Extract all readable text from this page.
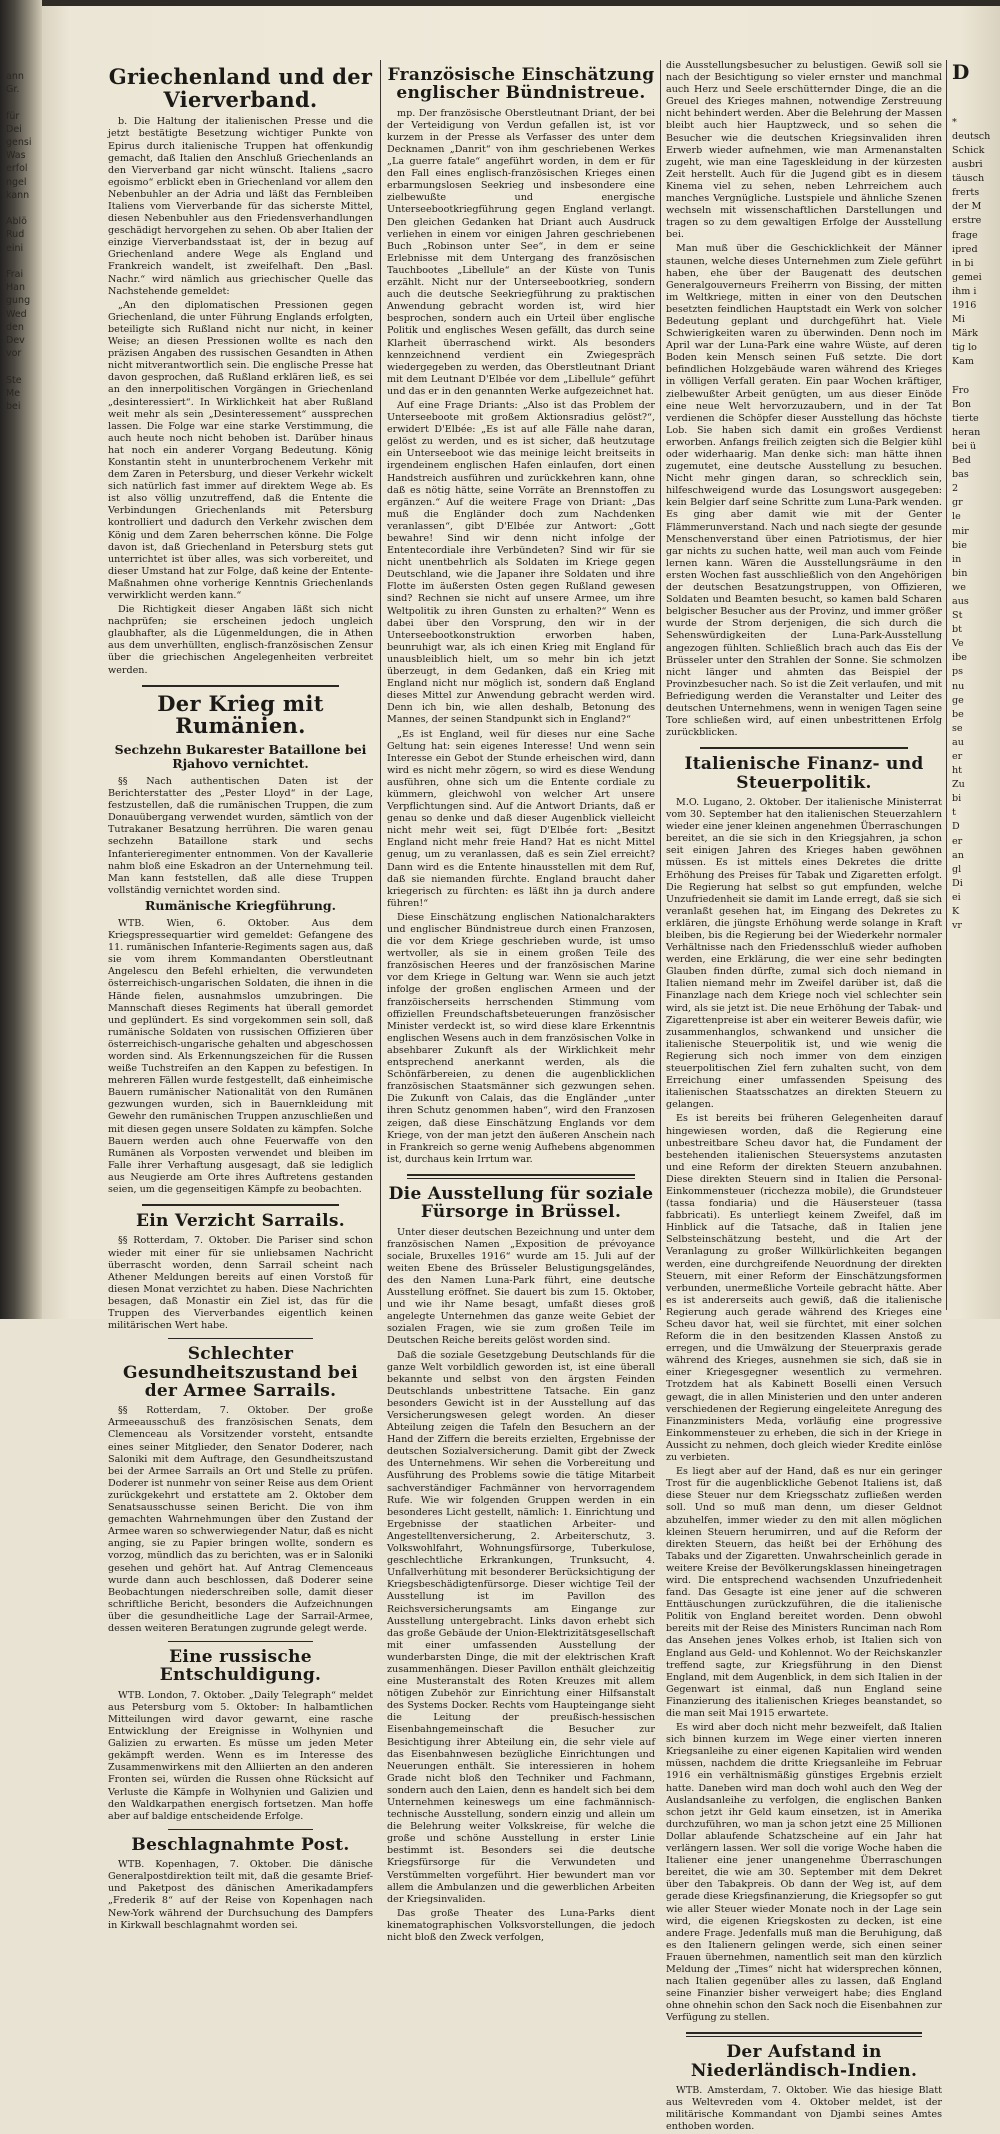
ann
Gr.

für
Dei
gensi
Was
erfol
ngel
kann

Ablö
Rud
eini

Frai
Han
gung
Wed
den
Dev
vor

Ste
Me
bei
Griechenland und der Vierverband.

b. Die Haltung der italienischen Presse und die jetzt bestätigte Besetzung wichtiger Punkte von Epirus durch italienische Truppen hat offenkundig gemacht, daß Italien den Anschluß Griechenlands an den Vierverband gar nicht wünscht. Italiens „sacro egoismo“ erblickt eben in Griechenland vor allem den Nebenbuhler an der Adria und läßt das Fernbleiben Italiens vom Vierverbande für das sicherste Mittel, diesen Nebenbuhler aus den Friedensverhandlungen geschädigt hervorgehen zu sehen. Ob aber Italien der einzige Vierverbandsstaat ist, der in bezug auf Griechenland andere Wege als England und Frankreich wandelt, ist zweifelhaft. Den „Basl. Nachr.“ wird nämlich aus griechischer Quelle das Nachstehende gemeldet:

„An den diplomatischen Pressionen gegen Griechenland, die unter Führung Englands erfolgten, beteiligte sich Rußland nicht nur nicht, in keiner Weise; an diesen Pressionen wollte es nach den präzisen Angaben des russischen Gesandten in Athen nicht mitverantwortlich sein. Die englische Presse hat davon gesprochen, daß Rußland erklären ließ, es sei an den innerpolitischen Vorgängen in Griechenland „desinteressiert“. In Wirklichkeit hat aber Rußland weit mehr als sein „Desinteressement“ aussprechen lassen. Die Folge war eine starke Verstimmung, die auch heute noch nicht behoben ist. Darüber hinaus hat noch ein anderer Vorgang Bedeutung. König Konstantin steht in ununterbrochenem Verkehr mit dem Zaren in Petersburg, und dieser Verkehr wickelt sich natürlich fast immer auf direktem Wege ab. Es ist also völlig unzutreffend, daß die Entente die Verbindungen Griechenlands mit Petersburg kontrolliert und dadurch den Verkehr zwischen dem König und dem Zaren beherrschen könne. Die Folge davon ist, daß Griechenland in Petersburg stets gut unterrichtet ist über alles, was sich vorbereitet, und dieser Umstand hat zur Folge, daß keine der Entente-Maßnahmen ohne vorherige Kenntnis Griechenlands verwirklicht werden kann.“

Die Richtigkeit dieser Angaben läßt sich nicht nachprüfen; sie erscheinen jedoch ungleich glaubhafter, als die Lügenmeldungen, die in Athen aus dem unverhüllten, englisch-französischen Zensur über die griechischen Angelegenheiten verbreitet werden.

Der Krieg mit Rumänien.
Sechzehn Bukarester Bataillone bei Rjahovo vernichtet.

§§ Nach authentischen Daten ist der Berichterstatter des „Pester Lloyd“ in der Lage, festzustellen, daß die rumänischen Truppen, die zum Donauübergang verwendet wurden, sämtlich von der Tutrakaner Besatzung herrühren. Die waren genau sechzehn Bataillone stark und sechs Infanterieregimenter entnommen. Von der Kavallerie nahm bloß eine Eskadron an der Unternehmung teil. Man kann feststellen, daß alle diese Truppen vollständig vernichtet worden sind.

Rumänische Kriegführung.

WTB. Wien, 6. Oktober. Aus dem Kriegspressequartier wird gemeldet: Gefangene des 11. rumänischen Infanterie-Regiments sagen aus, daß sie vom ihrem Kommandanten Oberstleutnant Angelescu den Befehl erhielten, die verwundeten österreichisch-ungarischen Soldaten, die ihnen in die Hände fielen, ausnahmslos umzubringen. Die Mannschaft dieses Regiments hat überall gemordet und geplündert. Es sind vorgekommen sein soll, daß rumänische Soldaten von russischen Offizieren über österreichisch-ungarische gehalten und abgeschossen worden sind. Als Erkennungszeichen für die Russen weiße Tuchstreifen an den Kappen zu befestigen. In mehreren Fällen wurde festgestellt, daß einheimische Bauern rumänischer Nationalität von den Rumänen gezwungen wurden, sich in Bauernkleidung mit Gewehr den rumänischen Truppen anzuschließen und mit diesen gegen unsere Soldaten zu kämpfen. Solche Bauern werden auch ohne Feuerwaffe von den Rumänen als Vorposten verwendet und bleiben im Falle ihrer Verhaftung ausgesagt, daß sie lediglich aus Neugierde am Orte ihres Auftretens gestanden seien, um die gegenseitigen Kämpfe zu beobachten.

Ein Verzicht Sarrails.

§§ Rotterdam, 7. Oktober. Die Pariser sind schon wieder mit einer für sie unliebsamen Nachricht überrascht worden, denn Sarrail scheint nach Athener Meldungen bereits auf einen Vorstoß für diesen Monat verzichtet zu haben. Diese Nachrichten besagen, daß Monastir ein Ziel ist, das für die Truppen des Vierverbandes eigentlich keinen militärischen Wert habe.

Schlechter Gesundheitszustand bei der Armee Sarrails.

§§ Rotterdam, 7. Oktober. Der große Armeeausschuß des französischen Senats, dem Clemenceau als Vorsitzender vorsteht, entsandte eines seiner Mitglieder, den Senator Doderer, nach Saloniki mit dem Auftrage, den Gesundheitszustand bei der Armee Sarrails an Ort und Stelle zu prüfen. Doderer ist nunmehr von seiner Reise aus dem Orient zurückgekehrt und erstattete am 2. Oktober dem Senatsausschusse seinen Bericht. Die von ihm gemachten Wahrnehmungen über den Zustand der Armee waren so schwerwiegender Natur, daß es nicht anging, sie zu Papier bringen wollte, sondern es vorzog, mündlich das zu berichten, was er in Saloniki gesehen und gehört hat. Auf Antrag Clemenceaus wurde dann auch beschlossen, daß Doderer seine Beobachtungen niederschreiben solle, damit dieser schriftliche Bericht, besonders die Aufzeichnungen über die gesundheitliche Lage der Sarrail-Armee, dessen weiteren Beratungen zugrunde gelegt werde.

Eine russische Entschuldigung.

WTB. London, 7. Oktober. „Daily Telegraph“ meldet aus Petersburg vom 5. Oktober: In halbamtlichen Mitteilungen wird davor gewarnt, eine rasche Entwicklung der Ereignisse in Wolhynien und Galizien zu erwarten. Es müsse um jeden Meter gekämpft werden. Wenn es im Interesse des Zusammenwirkens mit den Alliierten an den anderen Fronten sei, würden die Russen ohne Rücksicht auf Verluste die Kämpfe in Wolhynien und Galizien und den Waldkarpathen energisch fortsetzen. Man hoffe aber auf baldige entscheidende Erfolge.

Beschlagnahmte Post.

WTB. Kopenhagen, 7. Oktober. Die dänische Generalpostdirektion teilt mit, daß die gesamte Brief- und Paketpost des dänischen Amerikadampfers „Frederik 8“ auf der Reise von Kopenhagen nach New-York während der Durchsuchung des Dampfers in Kirkwall beschlagnahmt worden sei.

Französische Einschätzung englischer Bündnistreue.

mp. Der französische Oberstleutnant Driant, der bei der Verteidigung von Verdun gefallen ist, ist vor kurzem in der Presse als Verfasser des unter dem Decknamen „Danrit“ von ihm geschriebenen Werkes „La guerre fatale“ angeführt worden, in dem er für den Fall eines englisch-französischen Krieges einen erbarmungslosen Seekrieg und insbesondere eine zielbewußte und energische Unterseebootkriegführung gegen England verlangt. Den gleichen Gedanken hat Driant auch Ausdruck verliehen in einem vor einigen Jahren geschriebenen Buch „Robinson unter See“, in dem er seine Erlebnisse mit dem Untergang des französischen Tauchbootes „Libellule“ an der Küste von Tunis erzählt. Nicht nur der Unterseebootkrieg, sondern auch die deutsche Seekriegführung zu praktischen Anwendung gebracht worden ist, wird hier besprochen, sondern auch ein Urteil über englische Politik und englisches Wesen gefällt, das durch seine Klarheit überraschend wirkt. Als besonders kennzeichnend verdient ein Zwiegespräch wiedergegeben zu werden, das Oberstleutnant Driant mit dem Leutnant D'Elbée vor dem „Libellule“ geführt und das er in den genannten Werke aufgezeichnet hat.

Auf eine Frage Driants: „Also ist das Problem der Unterseeboote mit großem Aktionsradius gelöst?“, erwidert D'Elbée: „Es ist auf alle Fälle nahe daran, gelöst zu werden, und es ist sicher, daß heutzutage ein Unterseeboot wie das meinige leicht breitseits in irgendeinem englischen Hafen einlaufen, dort einen Handstreich ausführen und zurückkehren kann, ohne daß es nötig hätte, seine Vorräte an Brennstoffen zu ergänzen.“ Auf die weitere Frage von Driant: „Das muß die Engländer doch zum Nachdenken veranlassen“, gibt D'Elbée zur Antwort: „Gott bewahre! Sind wir denn nicht infolge der Ententecordiale ihre Verbündeten? Sind wir für sie nicht unentbehrlich als Soldaten im Kriege gegen Deutschland, wie die Japaner ihre Soldaten und ihre Flotte im äußersten Osten gegen Rußland gewesen sind? Rechnen sie nicht auf unsere Armee, um ihre Weltpolitik zu ihren Gunsten zu erhalten?“ Wenn es dabei über den Vorsprung, den wir in der Unterseebootkonstruktion erworben haben, beunruhigt war, als ich einen Krieg mit England für unausbleiblich hielt, um so mehr bin ich jetzt überzeugt, in dem Gedanken, daß ein Krieg mit England nicht nur möglich ist, sondern daß England dieses Mittel zur Anwendung gebracht werden wird. Denn ich bin, wie allen deshalb, Betonung des Mannes, der seinen Standpunkt sich in England?“

„Es ist England, weil für dieses nur eine Sache Geltung hat: sein eigenes Interesse! Und wenn sein Interesse ein Gebot der Stunde erheischen wird, dann wird es nicht mehr zögern, so wird es diese Wendung ausführen, ohne sich um die Entente cordiale zu kümmern, gleichwohl von welcher Art unsere Verpflichtungen sind. Auf die Antwort Driants, daß er genau so denke und daß dieser Augenblick vielleicht nicht mehr weit sei, fügt D'Elbée fort: „Besitzt England nicht mehr freie Hand? Hat es nicht Mittel genug, um zu veranlassen, daß es sein Ziel erreicht? Dann wird es die Entente hinausstellen mit dem Ruf, daß sie niemanden fürchte. England braucht daher kriegerisch zu fürchten: es läßt ihn ja durch andere führen!“

Diese Einschätzung englischen Nationalcharakters und englischer Bündnistreue durch einen Franzosen, die vor dem Kriege geschrieben wurde, ist umso wertvoller, als sie in einem großen Teile des französischen Heeres und der französischen Marine vor dem Kriege in Geltung war. Wenn sie auch jetzt infolge der großen englischen Armeen und der franzöischerseits herrschenden Stimmung vom offiziellen Freundschaftsbeteuerungen französischer Minister verdeckt ist, so wird diese klare Erkenntnis englischen Wesens auch in dem französischen Volke in absehbarer Zukunft als der Wirklichkeit mehr entsprechend anerkannt werden, als die Schönfärbereien, zu denen die augenblicklichen französischen Staatsmänner sich gezwungen sehen. Die Zukunft von Calais, das die Engländer „unter ihren Schutz genommen haben“, wird den Franzosen zeigen, daß diese Einschätzung Englands vor dem Kriege, von der man jetzt den äußeren Anschein nach in Frankreich so gerne wenig Aufhebens abgenommen ist, durchaus kein Irrtum war.

Die Ausstellung für soziale Fürsorge in Brüssel.

Unter dieser deutschen Bezeichnung und unter dem französischen Namen „Exposition de prévoyance sociale, Bruxelles 1916“ wurde am 15. Juli auf der weiten Ebene des Brüsseler Belustigungsgeländes, des den Namen Luna-Park führt, eine deutsche Ausstellung eröffnet. Sie dauert bis zum 15. Oktober, und wie ihr Name besagt, umfaßt dieses groß angelegte Unternehmen das ganze weite Gebiet der sozialen Fragen, wie sie zum großen Teile im Deutschen Reiche bereits gelöst worden sind.

Daß die soziale Gesetzgebung Deutschlands für die ganze Welt vorbildlich geworden ist, ist eine überall bekannte und selbst von den ärgsten Feinden Deutschlands unbestrittene Tatsache. Ein ganz besonders Gewicht ist in der Ausstellung auf das Versicherungswesen gelegt worden. An dieser Abteilung zeigen die Tafeln den Besuchern an der Hand der Ziffern die bereits erzielten, Ergebnisse der deutschen Sozialversicherung. Damit gibt der Zweck des Unternehmens. Wir sehen die Vorbereitung und Ausführung des Problems sowie die tätige Mitarbeit sachverständiger Fachmänner von hervorragendem Rufe. Wie wir folgenden Gruppen werden in ein besonderes Licht gestellt, nämlich: 1. Einrichtung und Ergebnisse der staatlichen Arbeiter- und Angestelltenversicherung, 2. Arbeiterschutz, 3. Volkswohlfahrt, Wohnungsfürsorge, Tuberkulose, geschlechtliche Erkrankungen, Trunksucht, 4. Unfallverhütung mit besonderer Berücksichtigung der Kriegsbeschädigtenfürsorge. Dieser wichtige Teil der Ausstellung ist im Pavillon des Reichsversicherungsamts am Eingange zur Ausstellung untergebracht. Links davon erhebt sich das große Gebäude der Union-Elektrizitätsgesellschaft mit einer umfassenden Ausstellung der wunderbarsten Dinge, die mit der elektrischen Kraft zusammenhängen. Dieser Pavillon enthält gleichzeitig eine Musteranstalt des Roten Kreuzes mit allem nötigen Zubehör zur Einrichtung einer Hilfsanstalt des Systems Docker. Rechts vom Haupteingange sieht die Leitung der preußisch-hessischen Eisenbahngemeinschaft die Besucher zur Besichtigung ihrer Abteilung ein, die sehr viele auf das Eisenbahnwesen bezügliche Einrichtungen und Neuerungen enthält. Sie interessieren in hohem Grade nicht bloß den Techniker und Fachmann, sondern auch den Laien, denn es handelt sich bei dem Unternehmen keineswegs um eine fachmännisch-technische Ausstellung, sondern einzig und allein um die Belehrung weiter Volkskreise, für welche die große und schöne Ausstellung in erster Linie bestimmt ist. Besonders sei die deutsche Kriegsfürsorge für die Verwundeten und Verstümmelten vorgeführt. Hier bewundert man vor allem die Ambulanzen und die gewerblichen Arbeiten der Kriegsinvaliden.

Das große Theater des Luna-Parks dient kinematographischen Volksvorstellungen, die jedoch nicht bloß den Zweck verfolgen,

die Ausstellungsbesucher zu belustigen. Gewiß soll sie nach der Besichtigung so vieler ernster und manchmal auch Herz und Seele erschütternder Dinge, die an die Greuel des Krieges mahnen, notwendige Zerstreuung nicht behindert werden. Aber die Belehrung der Massen bleibt auch hier Hauptzweck, und so sehen die Besucher wie die deutschen Kriegsinvaliden ihren Erwerb wieder aufnehmen, wie man Armenanstalten zugeht, wie man eine Tageskleidung in der kürzesten Zeit herstellt. Auch für die Jugend gibt es in diesem Kinema viel zu sehen, neben Lehrreichem auch manches Vergnügliche. Lustspiele und ähnliche Szenen wechseln mit wissenschaftlichen Darstellungen und tragen so zu dem gewaltigen Erfolge der Ausstellung bei.

Man muß über die Geschicklichkeit der Männer staunen, welche dieses Unternehmen zum Ziele geführt haben, ehe über der Baugenatt des deutschen Generalgouverneurs Freiherrn von Bissing, der mitten im Weltkriege, mitten in einer von den Deutschen besetzten feindlichen Hauptstadt ein Werk von solcher Bedeutung geplant und durchgeführt hat. Viele Schwierigkeiten waren zu überwinden. Denn noch im April war der Luna-Park eine wahre Wüste, auf deren Boden kein Mensch seinen Fuß setzte. Die dort befindlichen Holzgebäude waren während des Krieges in völligen Verfall geraten. Ein paar Wochen kräftiger, zielbewußter Arbeit genügten, um aus dieser Einöde eine neue Welt hervorzuzaubern, und in der Tat verdienen die Schöpfer dieser Ausstellung das höchste Lob. Sie haben sich damit ein großes Verdienst erworben. Anfangs freilich zeigten sich die Belgier kühl oder widerhaarig. Man denke sich: man hätte ihnen zugemutet, eine deutsche Ausstellung zu besuchen. Nicht mehr gingen daran, so schrecklich sein, hilfeschweigend wurde das Losungswort ausgegeben: kein Belgier darf seine Schritte zum Luna-Park wenden. Es ging aber damit wie mit der Genter Flämmerunverstand. Nach und nach siegte der gesunde Menschenverstand über einen Patriotismus, der hier gar nichts zu suchen hatte, weil man auch vom Feinde lernen kann. Wären die Ausstellungsräume in den ersten Wochen fast ausschließlich von den Angehörigen der deutschen Besatzungstruppen, von Offizieren, Soldaten und Beamten besucht, so kamen bald Scharen belgischer Besucher aus der Provinz, und immer größer wurde der Strom derjenigen, die sich durch die Sehenswürdigkeiten der Luna-Park-Ausstellung angezogen fühlten. Schließlich brach auch das Eis der Brüsseler unter den Strahlen der Sonne. Sie schmolzen nicht länger und ahmten das Beispiel der Provinzbesucher nach. So ist die Zeit verlaufen, und mit Befriedigung werden die Veranstalter und Leiter des deutschen Unternehmens, wenn in wenigen Tagen seine Tore schließen wird, auf einen unbestrittenen Erfolg zurückblicken.

Italienische Finanz- und Steuerpolitik.

M.O. Lugano, 2. Oktober. Der italienische Ministerrat vom 30. September hat den italienischen Steuerzahlern wieder eine jener kleinen angenehmen Überraschungen bereitet, an die sie sich in den Kriegsjahren, ja schon seit einigen Jahren des Krieges haben gewöhnen müssen. Es ist mittels eines Dekretes die dritte Erhöhung des Preises für Tabak und Zigaretten erfolgt. Die Regierung hat selbst so gut empfunden, welche Unzufriedenheit sie damit im Lande erregt, daß sie sich veranlaßt gesehen hat, im Eingang des Dekretes zu erklären, die jüngste Erhöhung werde solange in Kraft bleiben, bis die Regierung bei der Wiederkehr normaler Verhältnisse nach den Friedensschluß wieder aufhoben werden, eine Erklärung, die wer eine sehr bedingten Glauben finden dürfte, zumal sich doch niemand in Italien niemand mehr im Zweifel darüber ist, daß die Finanzlage nach dem Kriege noch viel schlechter sein wird, als sie jetzt ist. Die neue Erhöhung der Tabak- und Zigarettenpreise ist aber ein weiterer Beweis dafür, wie zusammenhanglos, schwankend und unsicher die italienische Steuerpolitik ist, und wie wenig die Regierung sich noch immer von dem einzigen steuerpolitischen Ziel fern zuhalten sucht, von dem Erreichung einer umfassenden Speisung des italienischen Staatsschatzes an direkten Steuern zu gelangen.

Es ist bereits bei früheren Gelegenheiten darauf hingewiesen worden, daß die Regierung eine unbestreitbare Scheu davor hat, die Fundament der bestehenden italienischen Steuersystems anzutasten und eine Reform der direkten Steuern anzubahnen. Diese direkten Steuern sind in Italien die Personal-Einkommensteuer (ricchezza mobile), die Grundsteuer (tassa fondiaria) und die Häusersteuer (tassa fabbricati). Es unterliegt keinem Zweifel, daß im Hinblick auf die Tatsache, daß in Italien jene Selbsteinschätzung besteht, und die Art der Veranlagung zu großer Willkürlichkeiten begangen werden, eine durchgreifende Neuordnung der direkten Steuern, mit einer Reform der Einschätzungsformen verbunden, unermeßliche Vorteile gebracht hätte. Aber es ist andererseits auch gewiß, daß die italienische Regierung auch gerade während des Krieges eine Scheu davor hat, weil sie fürchtet, mit einer solchen Reform die in den besitzenden Klassen Anstoß zu erregen, und die Umwälzung der Steuerpraxis gerade während des Krieges, ausnehmen sie sich, daß sie in einer Kriegesgegner wesentlich zu vermehren. Trotzdem hat als Kabinett Boselli einen Versuch gewagt, die in allen Ministerien und den unter anderen verschiedenen der Regierung eingeleitete Anregung des Finanzministers Meda, vorläufig eine progressive Einkommensteuer zu erheben, die sich in der Kriege in Aussicht zu nehmen, doch gleich wieder Kredite einlöse zu verbieten.

Es liegt aber auf der Hand, daß es nur ein geringer Trost für die augenblickliche Gebenot Italiens ist, daß diese Steuer nur dem Kriegsschatz zufließen werden soll. Und so muß man denn, um dieser Geldnot abzuhelfen, immer wieder zu den mit allen möglichen kleinen Steuern herumirren, und auf die Reform der direkten Steuern, das heißt bei der Erhöhung des Tabaks und der Zigaretten. Unwahrscheinlich gerade in weitere Kreise der Bevölkerungsklassen hineingetragen wird. Die entsprechend wachsenden Unzufriedenheit fand. Das Gesagte ist eine jener auf die schweren Enttäuschungen zurückzuführen, die die italienische Politik von England bereitet worden. Denn obwohl bereits mit der Reise des Ministers Runciman nach Rom das Ansehen jenes Volkes erhob, ist Italien sich von England aus Geld- und Kohlennot. Wo der Reichskanzler treffend sagte, zur Kriegsführung in den Dienst England, mit dem Augenblick, in dem sich Italien in der Gegenwart ist einmal, daß nun England seine Finanzierung des italienischen Krieges beanstandet, so die man seit Mai 1915 erwartete.

Es wird aber doch nicht mehr bezweifelt, daß Italien sich binnen kurzem im Wege einer vierten inneren Kriegsanleihe zu einer eigenen Kapitalien wird wenden müssen, nachdem die dritte Kriegsanleihe im Februar 1916 ein verhältnismäßig günstiges Ergebnis erzielt hatte. Daneben wird man doch wohl auch den Weg der Auslandsanleihe zu verfolgen, die englischen Banken schon jetzt ihr Geld kaum einsetzen, ist in Amerika durchzuführen, wo man ja schon jetzt eine 25 Millionen Dollar ablaufende Schatzscheine auf ein Jahr hat verlängern lassen. Wer soll die vorige Woche haben die Italiener eine jener unangenehme Überraschungen bereitet, die wie am 30. September mit dem Dekret über den Tabakpreis. Ob dann der Weg ist, auf dem gerade diese Kriegsfinanzierung, die Kriegsopfer so gut wie aller Steuer wieder Monate noch in der Lage sein wird, die eigenen Kriegskosten zu decken, ist eine andere Frage. Jedenfalls muß man die Beruhigung, daß es den Italienern gelingen werde, sich einen seiner Frauen übernehmen, namentlich seit man den kürzlich Meldung der „Times“ nicht hat widersprechen können, nach Italien gegenüber alles zu lassen, daß England seine Finanzier bisher verweigert habe; dies England ohne ohnehin schon den Sack noch die Eisenbahnen zur Verfügung zu stellen.

Der Aufstand in Niederländisch-Indien.

WTB. Amsterdam, 7. Oktober. Wie das hiesige Blatt aus Weltevreden vom 4. Oktober meldet, ist der militärische Kommandant von Djambi seines Amtes enthoben worden.

D

*
deutsch
Schick
ausbri
täusch
frerts
der M
erstre
frage
ipred
in bi
gemei
ihm i
1916
Mi
Märk
tig lo
Kam

Fro
Bon
tierte
heran
bei ü
Bed
bas
2
gr
le
mir
bie
in
bin
we
aus
St
bt
Ve
ibe
ps
nu
ge
be
se
au
er
ht
Zu
bi
t
D
er
an
gl
Di
ei
K
vr
